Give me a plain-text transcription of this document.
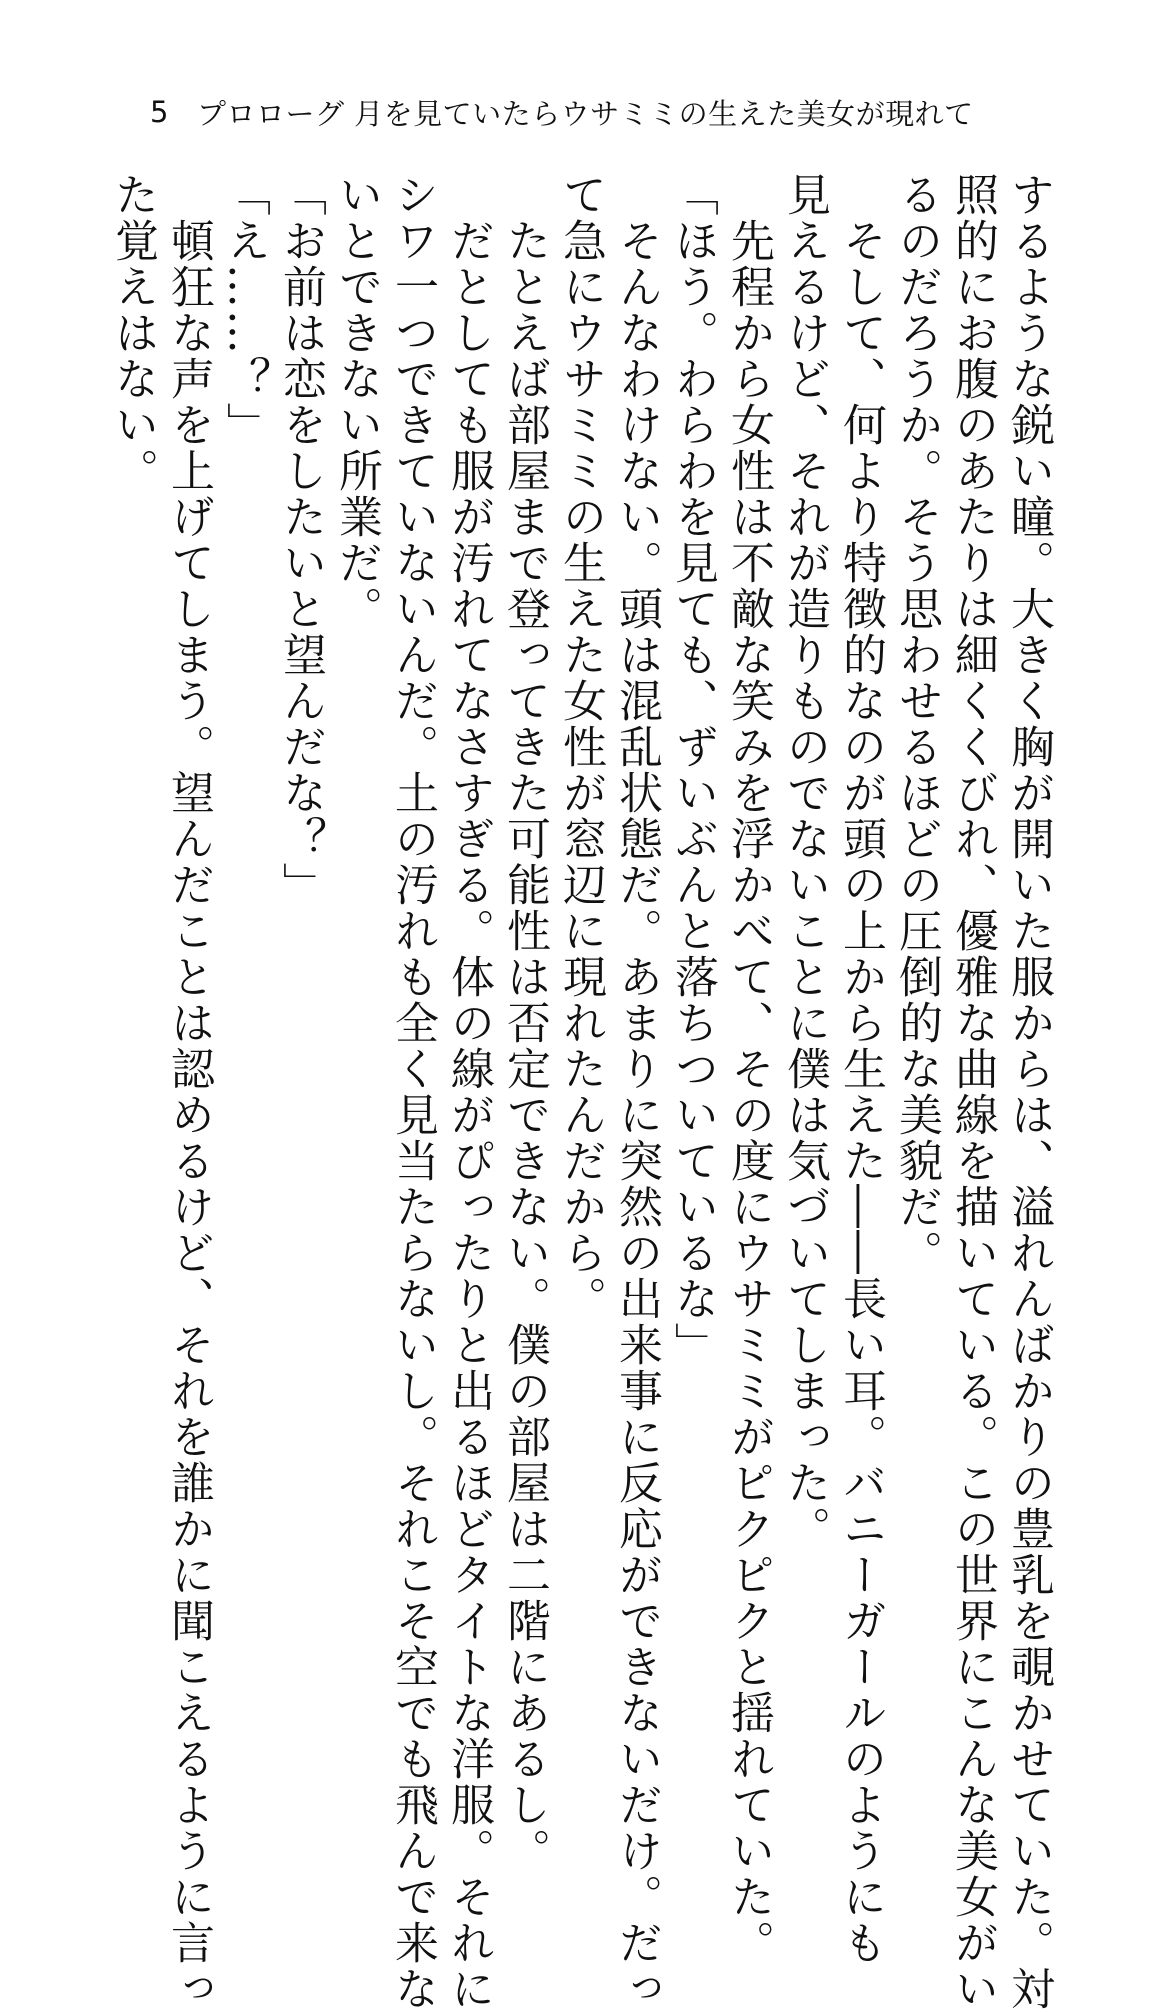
5 プロローグ 月を見ていたらウサミミの生えた美女が現れて

するような鋭い瞳。大きく胸が開いた服からは、溢れんばかりの豊乳を覗かせていた。対

照的にお腹のあたりは細くくびれ、優雅な曲線を描いている。この世界にこんな美女がい

るのだろうか。そう思わせるほどの圧倒的な美貌だ。

　そして、何より特徴的なのが頭の上から生えた――長い耳。バニーガールのようにも

見えるけど、それが造りものでないことに僕は気づいてしまった。

　先程から女性は不敵な笑みを浮かべて、その度にウサミミがピクピクと揺れていた。

「ほう。わらわを見ても、ずいぶんと落ちついているな」

　そんなわけない。頭は混乱状態だ。あまりに突然の出来事に反応ができないだけ。だっ

て急にウサミミの生えた女性が窓辺に現れたんだから。

　たとえば部屋まで登ってきた可能性は否定できない。僕の部屋は二階にあるし。

　だとしても服が汚れてなさすぎる。体の線がぴったりと出るほどタイトな洋服。それに

シワ一つできていないんだ。土の汚れも全く見当たらないし。それこそ空でも飛んで来な

いとできない所業だ。

「お前は恋をしたいと望んだな？」

「え……？」

　頓狂な声を上げてしまう。望んだことは認めるけど、それを誰かに聞こえるように言っ

た覚えはない。
